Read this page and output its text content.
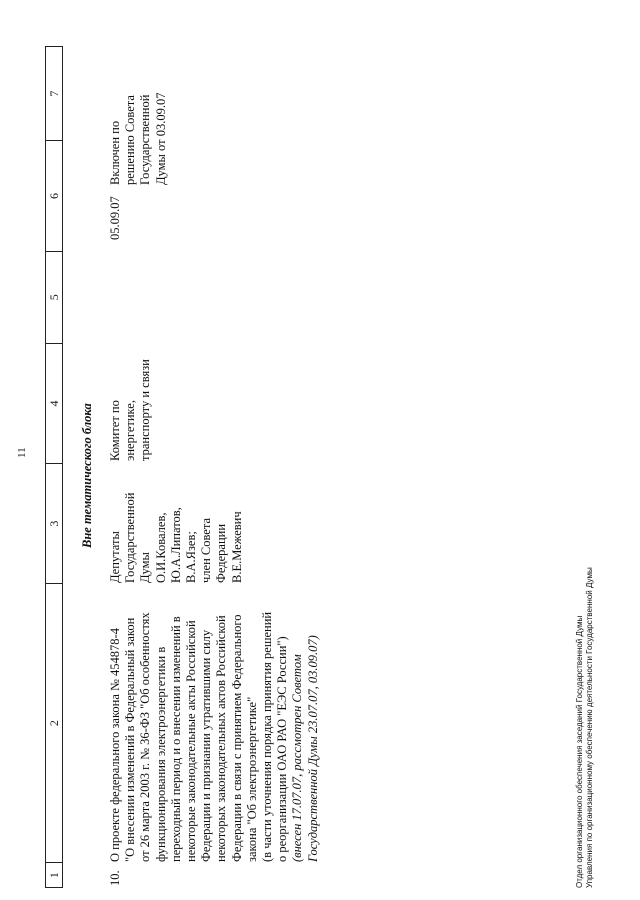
11
1
2
3
4
5
6
7
Вне тематического блока
10.
О проекте федерального закона № 454878-4 "О внесении изменений в Федеральный закон от 26 марта 2003 г. № 36-ФЗ "Об особенностях функционирования электроэнергетики в переходный период и о внесении изменений в некоторые законодательные акты Российской Федерации и признании утратившими силу некоторых законодательных актов Российской Федерации в связи с принятием Федерального закона "Об электроэнергетике" (в части уточнения порядка принятия решений о реорганизации ОАО РАО "ЕЭС России") (внесен 17.07.07, рассмотрен Советом Государственной Думы 23.07.07, 03.09.07)
Депутаты Государственной Думы О.И.Ковалев, Ю.А.Липатов, В.А.Язев; член Совета Федерации В.Е.Межевич
Комитет по энергетике, транспорту и связи
05.09.07
Включен по решению Совета Государственной Думы от 03.09.07
Отдел организационного обеспечения заседаний Государственной Думы Управления по организационному обеспечению деятельности Государственной Думы
